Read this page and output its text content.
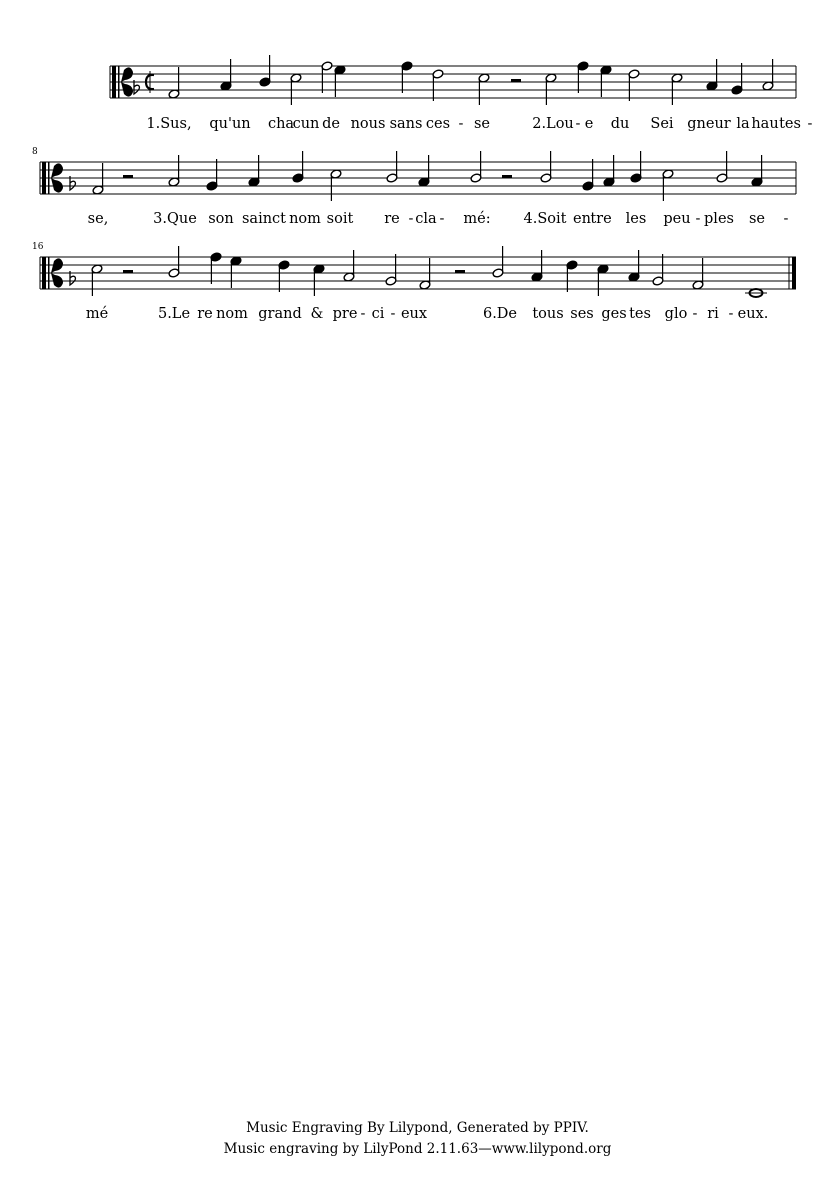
1.Sus, qu'un cha
cun de nous sans ces - se	2.Lou - e du Sei gneur la hau tes -
8
se,	3.Que son sainct nom soit re - cla - mé: 4.Soit en tre les peu - ples se -
16
mé	5.Le re nom grand & pre - ci - eux	6.De tous ses ges tes glo - ri - eux.
Music Engraving By Lilypond, Generated by PPIV.
Music engraving by LilyPond 2.11.63—www.lilypond.org
